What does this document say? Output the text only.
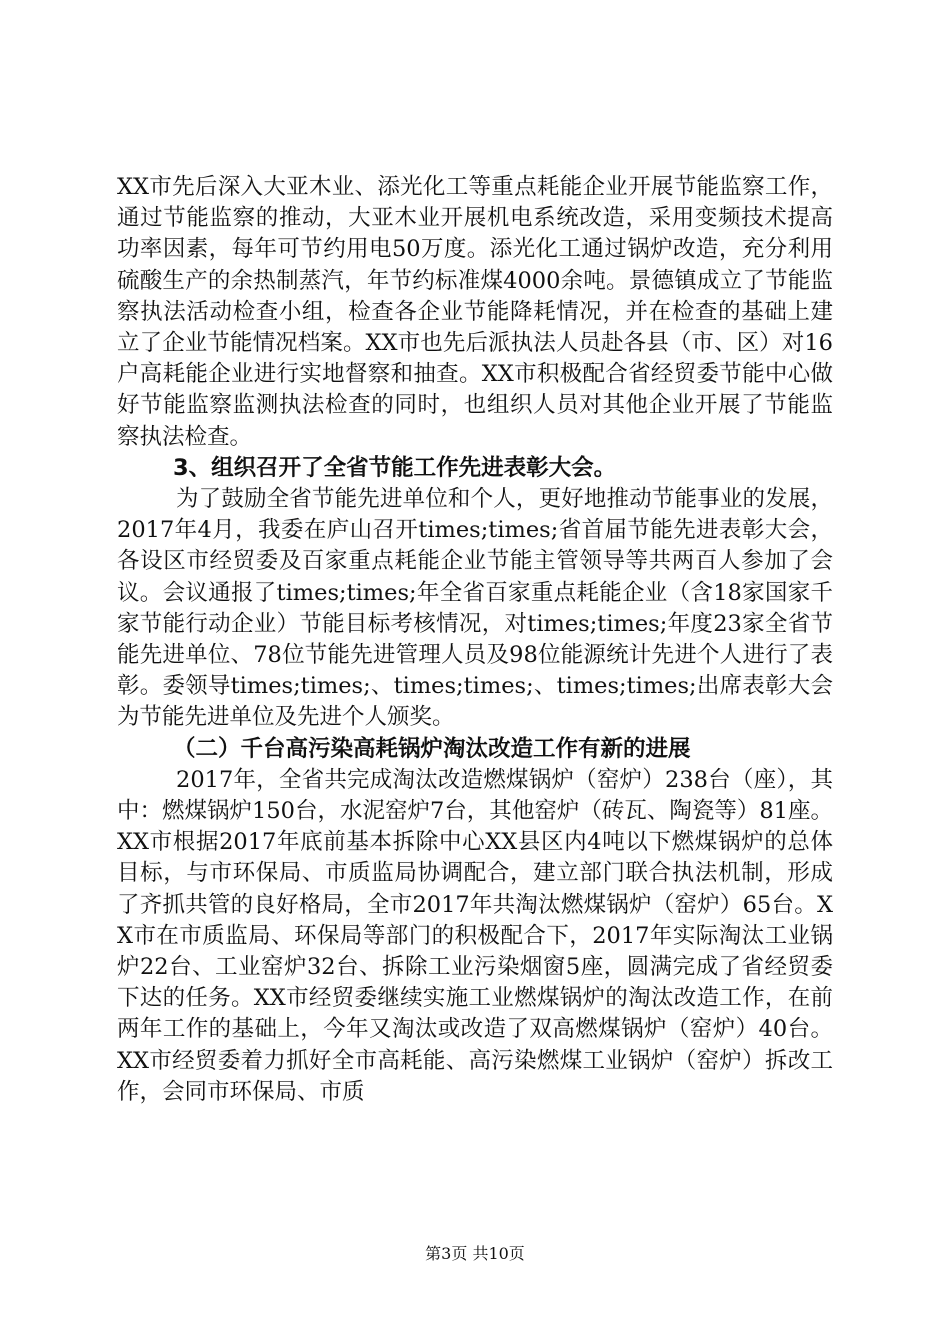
XX市先后深入大亚木业、添光化工等重点耗能企业开展节能监察工作，通过节能监察的推动，大亚木业开展机电系统改造，采用变频技术提高功率因素，每年可节约用电50万度。添光化工通过锅炉改造，充分利用硫酸生产的余热制蒸汽，年节约标准煤4000余吨。景德镇成立了节能监察执法活动检查小组，检查各企业节能降耗情况，并在检查的基础上建立了企业节能情况档案。XX市也先后派执法人员赴各县（市、区）对16户高耗能企业进行实地督察和抽查。XX市积极配合省经贸委节能中心做好节能监察监测执法检查的同时，也组织人员对其他企业开展了节能监察执法检查。

3、组织召开了全省节能工作先进表彰大会。

为了鼓励全省节能先进单位和个人，更好地推动节能事业的发展，2017年4月，我委在庐山召开times;times;省首届节能先进表彰大会，各设区市经贸委及百家重点耗能企业节能主管领导等共两百人参加了会议。会议通报了times;times;年全省百家重点耗能企业（含18家国家千家节能行动企业）节能目标考核情况，对times;times;年度23家全省节能先进单位、78位节能先进管理人员及98位能源统计先进个人进行了表彰。委领导times;times;、times;times;、times;times;出席表彰大会为节能先进单位及先进个人颁奖。

（二）千台高污染高耗锅炉淘汰改造工作有新的进展

2017年，全省共完成淘汰改造燃煤锅炉（窑炉）238台（座），其中：燃煤锅炉150台，水泥窑炉7台，其他窑炉（砖瓦、陶瓷等）81座。XX市根据2017年底前基本拆除中心XX县区内4吨以下燃煤锅炉的总体目标，与市环保局、市质监局协调配合，建立部门联合执法机制，形成了齐抓共管的良好格局，全市2017年共淘汰燃煤锅炉（窑炉）65台。XX市在市质监局、环保局等部门的积极配合下，2017年实际淘汰工业锅炉22台、工业窑炉32台、拆除工业污染烟窗5座，圆满完成了省经贸委下达的任务。XX市经贸委继续实施工业燃煤锅炉的淘汰改造工作，在前两年工作的基础上，今年又淘汰或改造了双高燃煤锅炉（窑炉）40台。XX市经贸委着力抓好全市高耗能、高污染燃煤工业锅炉（窑炉）拆改工作，会同市环保局、市质

第3页 共10页
